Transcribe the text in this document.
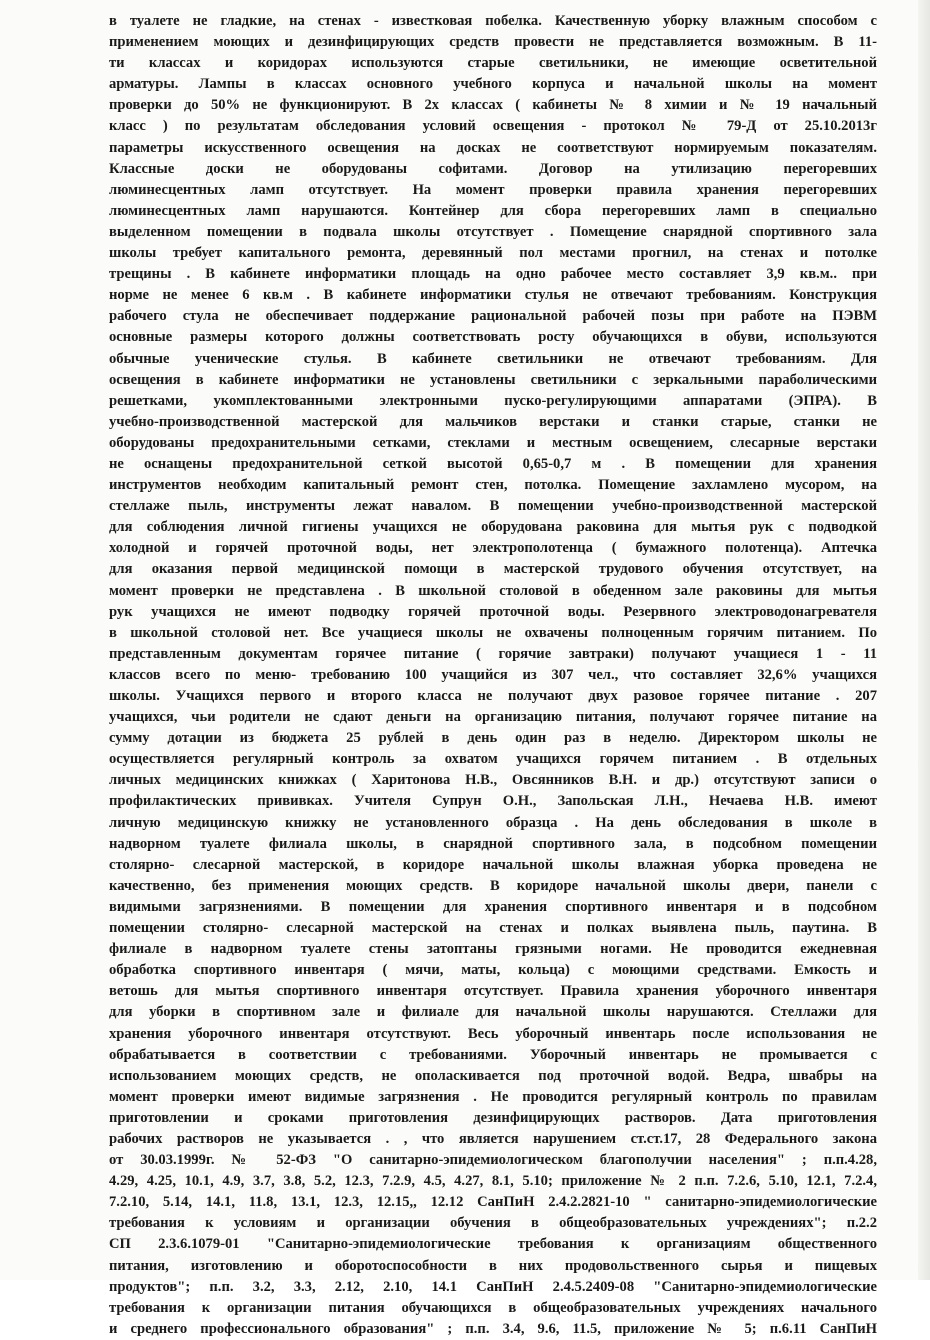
в туалете не гладкие, на стенах - известковая побелка. Качественную уборку влажным способом с
применением моющих и дезинфицирующих средств провести не представляется возможным. В 11-
ти классах и коридорах используются старые светильники, не имеющие осветительной
арматуры. Лампы в классах основного учебного корпуса и начальной школы на момент
проверки до 50% не функционируют. В 2х классах ( кабинеты № 8 химии и № 19 начальный
класс ) по результатам обследования условий освещения - протокол № 79-Д от 25.10.2013г
параметры искусственного освещения на досках не соответствуют нормируемым показателям.
Классные доски не оборудованы софитами. Договор на утилизацию перегоревших
люминесцентных ламп отсутствует. На момент проверки правила хранения перегоревших
люминесцентных ламп нарушаются. Контейнер для сбора перегоревших ламп в специально
выделенном помещении в подвала школы отсутствует . Помещение снарядной спортивного зала
школы требует капитального ремонта, деревянный пол местами прогнил, на стенах и потолке
трещины . В кабинете информатики площадь на одно рабочее место составляет 3,9 кв.м.. при
норме не менее 6 кв.м . В кабинете информатики стулья не отвечают требованиям. Конструкция
рабочего стула не обеспечивает поддержание рациональной рабочей позы при работе на ПЭВМ
основные размеры которого должны соответствовать росту обучающихся в обуви, используются
обычные ученические стулья. В кабинете светильники не отвечают требованиям. Для
освещения в кабинете информатики не установлены светильники с зеркальными параболическими
решетками, укомплектованными электронными пуско-регулирующими аппаратами (ЭПРА). В
учебно-производственной мастерской для мальчиков верстаки и станки старые, станки не
оборудованы предохранительными сетками, стеклами и местным освещением, слесарные верстаки
не оснащены предохранительной сеткой высотой 0,65-0,7 м . В помещении для хранения
инструментов необходим капитальный ремонт стен, потолка. Помещение захламлено мусором, на
стеллаже пыль, инструменты лежат навалом. В помещении учебно-производственной мастерской
для соблюдения личной гигиены учащихся не оборудована раковина для мытья рук с подводкой
холодной и горячей проточной воды, нет электрополотенца ( бумажного полотенца). Аптечка
для оказания первой медицинской помощи в мастерской трудового обучения отсутствует, на
момент проверки не представлена . В школьной столовой в обеденном зале раковины для мытья
рук учащихся не имеют подводку горячей проточной воды. Резервного электроводонагревателя
в школьной столовой нет. Все учащиеся школы не охвачены полноценным горячим питанием. По
представленным документам горячее питание ( горячие завтраки) получают учащиеся 1 - 11
классов всего по меню- требованию 100 учащийся из 307 чел., что составляет 32,6% учащихся
школы. Учащихся первого и второго класса не получают двух разовое горячее питание . 207
учащихся, чьи родители не сдают деньги на организацию питания, получают горячее питание на
сумму дотации из бюджета 25 рублей в день один раз в неделю. Директором школы не
осуществляется регулярный контроль за охватом учащихся горячем питанием . В отдельных
личных медицинских книжках ( Харитонова Н.В., Овсянников В.Н. и др.) отсутствуют записи о
профилактических прививках. Учителя Супрун О.Н., Запольская Л.Н., Нечаева Н.В. имеют
личную медицинскую книжку не установленного образца . На день обследования в школе в
надворном туалете филиала школы, в снарядной спортивного зала, в подсобном помещении
столярно- слесарной мастерской, в коридоре начальной школы влажная уборка проведена не
качественно, без применения моющих средств. В коридоре начальной школы двери, панели с
видимыми загрязнениями. В помещении для хранения спортивного инвентаря и в подсобном
помещении столярно- слесарной мастерской на стенах и полках выявлена пыль, паутина. В
филиале в надворном туалете стены затоптаны грязными ногами. Не проводится ежедневная
обработка спортивного инвентаря ( мячи, маты, кольца) с моющими средствами. Емкость и
ветошь для мытья спортивного инвентаря отсутствует. Правила хранения уборочного инвентаря
для уборки в спортивном зале и филиале для начальной школы нарушаются. Стеллажи для
хранения уборочного инвентаря отсутствуют. Весь уборочный инвентарь после использования не
обрабатывается в соответствии с требованиями. Уборочный инвентарь не промывается с
использованием моющих средств, не ополаскивается под проточной водой. Ведра, швабры на
момент проверки имеют видимые загрязнения . Не проводится регулярный контроль по правилам
приготовлении и сроками приготовления дезинфицирующих растворов. Дата приготовления
рабочих растворов не указывается . , что является нарушением ст.ст.17, 28 Федерального закона
от 30.03.1999г. № 52-ФЗ "О санитарно-эпидемиологическом благополучии населения" ; п.п.4.28,
4.29, 4.25, 10.1, 4.9, 3.7, 3.8, 5.2, 12.3, 7.2.9, 4.5, 4.27, 8.1, 5.10; приложение № 2 п.п. 7.2.6, 5.10, 12.1, 7.2.4,
7.2.10, 5.14, 14.1, 11.8, 13.1, 12.3, 12.15,, 12.12 СанПиН 2.4.2.2821-10 " санитарно-эпидемиологические
требования к условиям и организации обучения в общеобразовательных учреждениях"; п.2.2
СП 2.3.6.1079-01 "Санитарно-эпидемиологические требования к организациям общественного
питания, изготовлению и оборотоспособности в них продовольственного сырья и пищевых
продуктов"; п.п. 3.2, 3.3, 2.12, 2.10, 14.1 СанПиН 2.4.5.2409-08 "Санитарно-эпидемиологические
требования к организации питания обучающихся в общеобразовательных учреждениях начального
и среднего профессионального образования" ; п.п. 3.4, 9.6, 11.5, приложение № 5; п.6.11 СанПиН
